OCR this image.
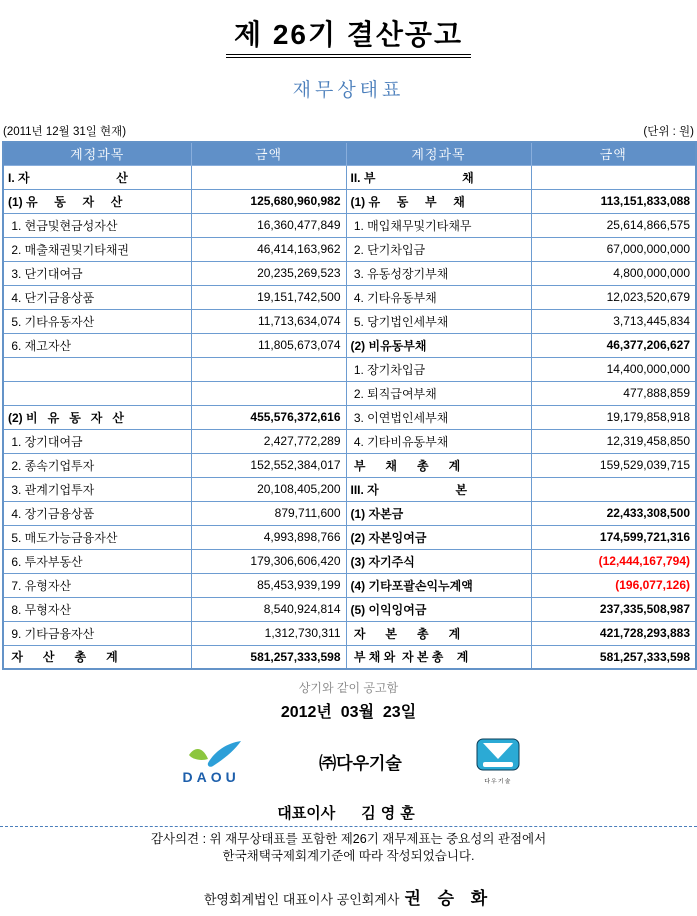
제 26기 결산공고
재무상태표
(2011년 12월 31일 현재)	(단위 : 원)
계정과목	금액	계정과목	금액
I. 자                          산		II. 부                          채	
(1) 유     동     자     산	125,680,960,982	(1) 유     동     부     채	113,151,833,088
1. 현금및현금성자산	16,360,477,849	1. 매입채무및기타채무	25,614,866,575
2. 매출채권및기타채권	46,414,163,962	2. 단기차입금	67,000,000,000
3. 단기대여금	20,235,269,523	3. 유동성장기부채	4,800,000,000
4. 단기금융상품	19,151,742,500	4. 기타유동부채	12,023,520,679
5. 기타유동자산	11,713,634,074	5. 당기법인세부채	3,713,445,834
6. 재고자산	11,805,673,074	(2) 비유동부채	46,377,206,627
		1. 장기차입금	14,400,000,000
		2. 퇴직급여부채	477,888,859
(2) 비   유   동   자   산	455,576,372,616	3. 이연법인세부채	19,179,858,918
1. 장기대여금	2,427,772,289	4. 기타비유동부채	12,319,458,850
2. 종속기업투자	152,552,384,017	부      채      총      계	159,529,039,715
3. 관계기업투자	20,108,405,200	III. 자                       본	
4. 장기금융상품	879,711,600	(1) 자본금	22,433,308,500
5. 매도가능금융자산	4,993,898,766	(2) 자본잉여금	174,599,721,316
6. 투자부동산	179,306,606,420	(3) 자기주식	(12,444,167,794)
7. 유형자산	85,453,939,199	(4) 기타포괄손익누계액	(196,077,126)
8. 무형자산	8,540,924,814	(5) 이익잉여금	237,335,508,987
9. 기타금융자산	1,312,730,311	자      본      총      계	421,728,293,883
자      산      총      계	581,257,333,598	부 채 와  자 본 총    계	581,257,333,598
상기와 같이 공고함
2012년  03월  23일
DAOU
㈜다우기술
다우기술
대표이사 김영훈
감사의견 : 위 재무상태표를 포함한 제26기 재무제표는 중요성의 관점에서
한국채택국제회계기준에 따라 작성되었습니다.
한영회계법인 대표이사 공인회계사 권 승 화
